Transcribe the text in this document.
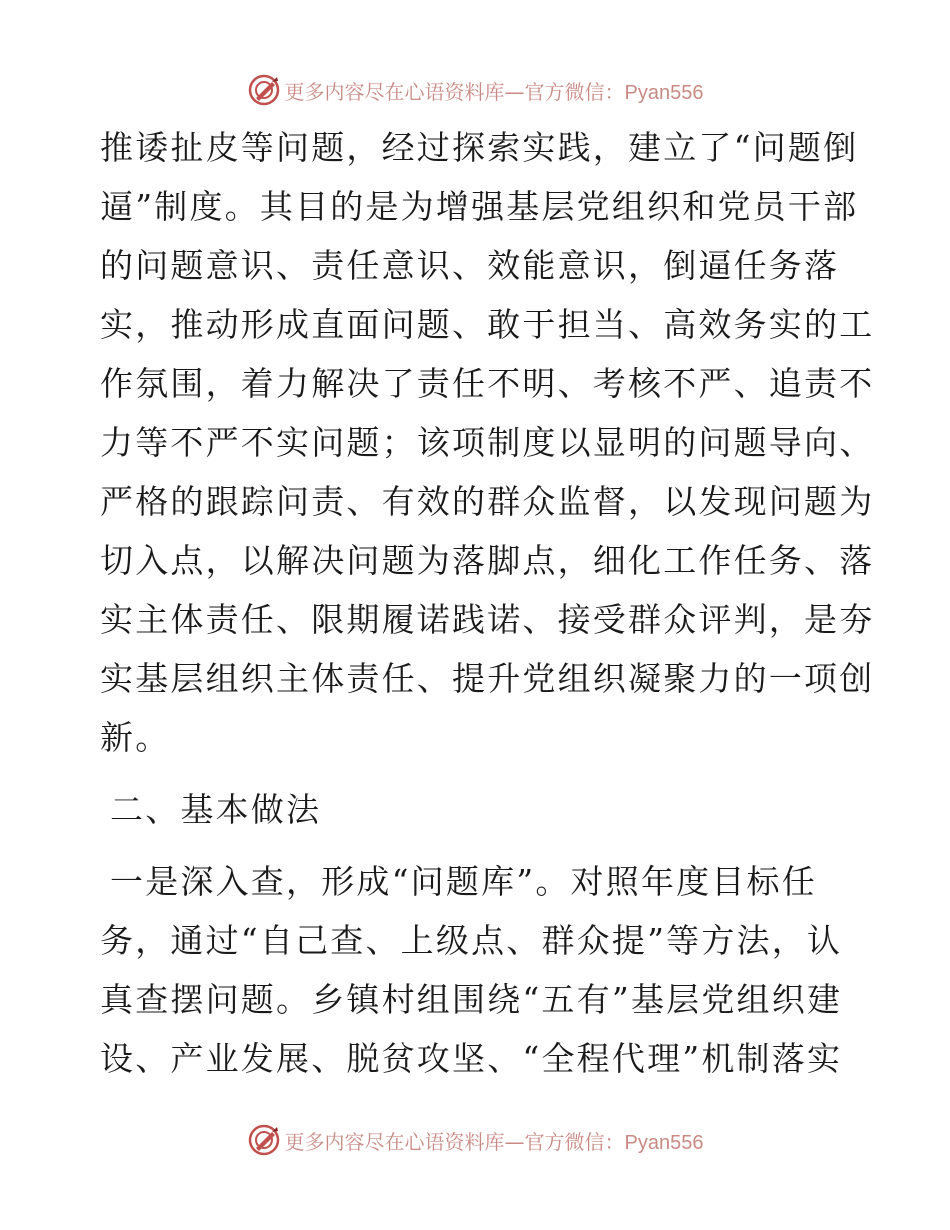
更多内容尽在心语资料库—官方微信：Pyan556
推诿扯皮等问题，经过探索实践，建立了“问题倒
逼”制度。其目的是为增强基层党组织和党员干部
的问题意识、责任意识、效能意识，倒逼任务落
实，推动形成直面问题、敢于担当、高效务实的工
作氛围，着力解决了责任不明、考核不严、追责不
力等不严不实问题；该项制度以显明的问题导向、
严格的跟踪问责、有效的群众监督，以发现问题为
切入点，以解决问题为落脚点，细化工作任务、落
实主体责任、限期履诺践诺、接受群众评判，是夯
实基层组织主体责任、提升党组织凝聚力的一项创
新。
二、基本做法
一是深入查，形成“问题库”。对照年度目标任
务，通过“自己查、上级点、群众提”等方法，认
真查摆问题。乡镇村组围绕“五有”基层党组织建
设、产业发展、脱贫攻坚、“全程代理”机制落实
更多内容尽在心语资料库—官方微信：Pyan556
